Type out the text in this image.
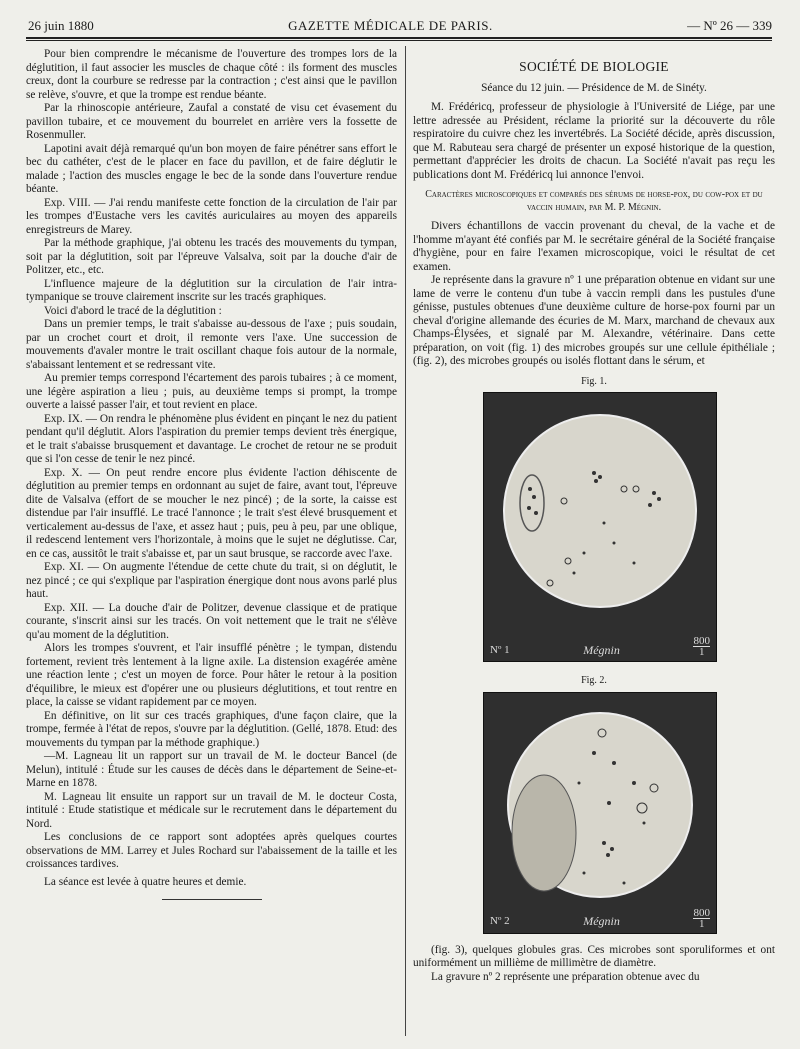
26 juin 1880	GAZETTE MÉDICALE DE PARIS.	— Nº 26 — 339

Pour bien comprendre le mécanisme de l'ouverture des trompes lors de la déglutition, il faut associer les muscles de chaque côté : ils forment des muscles creux, dont la courbure se redresse par la contraction ; c'est ainsi que le pavillon se relève, s'ouvre, et que la trompe est rendue béante.

Par la rhinoscopie antérieure, Zaufal a constaté de visu cet évasement du pavillon tubaire, et ce mouvement du bourrelet en arrière vers la fossette de Rosenmuller.

Lapotini avait déjà remarqué qu'un bon moyen de faire pénétrer sans effort le bec du cathéter, c'est de le placer en face du pavillon, et de faire déglutir le malade ; l'action des muscles engage le bec de la sonde dans l'ouverture rendue béante.

Exp. VIII. — J'ai rendu manifeste cette fonction de la circulation de l'air par les trompes d'Eustache vers les cavités auriculaires au moyen des appareils enregistreurs de Marey.

Par la méthode graphique, j'ai obtenu les tracés des mouvements du tympan, soit par la déglutition, soit par l'épreuve Valsalva, soit par la douche d'air de Politzer, etc., etc.

L'influence majeure de la déglutition sur la circulation de l'air intra-tympanique se trouve clairement inscrite sur les tracés graphiques.

Voici d'abord le tracé de la déglutition :

Dans un premier temps, le trait s'abaisse au-dessous de l'axe ; puis soudain, par un crochet court et droit, il remonte vers l'axe. Une succession de mouvements d'avaler montre le trait oscillant chaque fois autour de la normale, s'abaissant lentement et se redressant vite.

Au premier temps correspond l'écartement des parois tubaires ; à ce moment, une légère aspiration a lieu ; puis, au deuxième temps si prompt, la trompe ouverte a laissé passer l'air, et tout revient en place.

Exp. IX. — On rendra le phénomène plus évident en pinçant le nez du patient pendant qu'il déglutit. Alors l'aspiration du premier temps devient très énergique, et le trait s'abaisse brusquement et davantage. Le crochet de retour ne se produit que si l'on cesse de tenir le nez pincé.

Exp. X. — On peut rendre encore plus évidente l'action déhiscente de déglutition au premier temps en ordonnant au sujet de faire, avant tout, l'épreuve dite de Valsalva (effort de se moucher le nez pincé) ; de la sorte, la caisse est distendue par l'air insufflé. Le tracé l'annonce ; le trait s'est élevé brusquement et verticalement au-dessus de l'axe, et assez haut ; puis, peu à peu, par une oblique, il redescend lentement vers l'horizontale, à moins que le sujet ne déglutisse. Car, en ce cas, aussitôt le trait s'abaisse et, par un saut brusque, se raccorde avec l'axe.

Exp. XI. — On augmente l'étendue de cette chute du trait, si on déglutit, le nez pincé ; ce qui s'explique par l'aspiration énergique dont nous avons parlé plus haut.

Exp. XII. — La douche d'air de Politzer, devenue classique et de pratique courante, s'inscrit ainsi sur les tracés. On voit nettement que le trait ne s'élève qu'au moment de la déglutition.

Alors les trompes s'ouvrent, et l'air insufflé pénètre ; le tympan, distendu fortement, revient très lentement à la ligne axile. La distension exagérée amène une réaction lente ; c'est un moyen de force. Pour hâter le retour à la position d'équilibre, le mieux est d'opérer une ou plusieurs déglutitions, et tout rentre en place, la caisse se vidant rapidement par ce moyen.

En définitive, on lit sur ces tracés graphiques, d'une façon claire, que la trompe, fermée à l'état de repos, s'ouvre par la déglutition. (Gellé, 1878. Etud: des mouvements du tympan par la méthode graphique.)

—M. Lagneau lit un rapport sur un travail de M. le docteur Bancel (de Melun), intitulé : Étude sur les causes de décès dans le département de Seine-et-Marne en 1878.

M. Lagneau lit ensuite un rapport sur un travail de M. le docteur Costa, intitulé : Etude statistique et médicale sur le recrutement dans le département du Nord.

Les conclusions de ce rapport sont adoptées après quelques courtes observations de MM. Larrey et Jules Rochard sur l'abaissement de la taille et les croissances tardives.

La séance est levée à quatre heures et demie.

SOCIÉTÉ DE BIOLOGIE
Séance du 12 juin. — Présidence de M. de Sinéty.

M. Frédéricq, professeur de physiologie à l'Université de Liége, par une lettre adressée au Président, réclame la priorité sur la découverte du rôle respiratoire du cuivre chez les invertébrés. La Société décide, après discussion, que M. Rabuteau sera chargé de présenter un exposé historique de la question, permettant d'apprécier les droits de chacun. La Société n'avait pas reçu les publications dont M. Frédéricq lui annonce l'envoi.

Caractères microscopiques et comparés des sérums de horse-pox, du cow-pox et du vaccin humain, par M. P. Mégnin.

Divers échantillons de vaccin provenant du cheval, de la vache et de l'homme m'ayant été confiés par M. le secrétaire général de la Société française d'hygiène, pour en faire l'examen microscopique, voici le résultat de cet examen.

Je représente dans la gravure nº 1 une préparation obtenue en vidant sur une lame de verre le contenu d'un tube à vaccin rempli dans les pustules d'une génisse, pustules obtenues d'une deuxième culture de horse-pox fourni par un cheval d'origine allemande des écuries de M. Marx, marchand de chevaux aux Champs-Élysées, et signalé par M. Alexandre, vétérinaire. Dans cette préparation, on voit (fig. 1) des microbes groupés sur une cellule épithéliale ; (fig. 2), des microbes groupés ou isolés flottant dans le sérum, et

Fig. 1.
Nº 1	Mégnin
800
1
Fig. 2.
Nº 2	Mégnin
800
1

(fig. 3), quelques globules gras. Ces microbes sont sporuliformes et ont uniformément un millième de millimètre de diamètre.

La gravure nº 2 représente une préparation obtenue avec du
